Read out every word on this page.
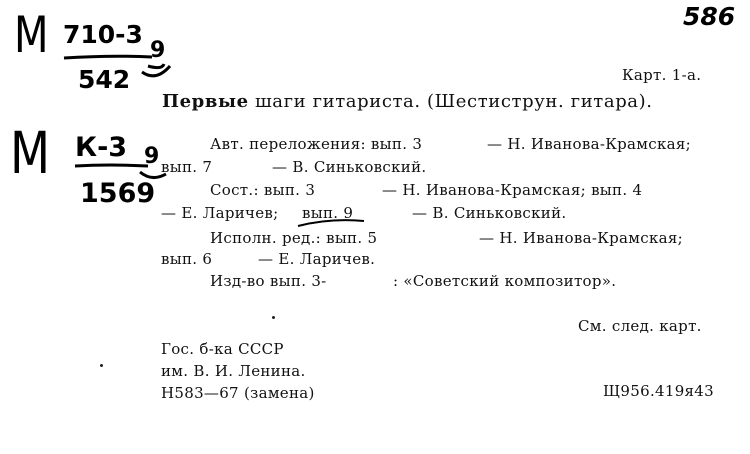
586
М 710-3
542
9
М К-3
1569
9
Карт. 1-а.
Первые шаги гитариста. (Шестиструн. гитара).
Авт. переложения: вып. 3	— Н. Иванова-Крамская;
вып. 7	— В. Синьковский.
Сост.: вып. 3	— Н. Иванова-Крамская; вып. 4
— Е. Ларичев; вып. 9	— В. Синьковский.
Исполн. ред.: вып. 5	— Н. Иванова-Крамская;
вып. 6	— Е. Ларичев.
Изд-во вып. 3-	: «Советский композитор».
См. след. карт.
Гос. б-ка СССР
им. В. И. Ленина.
Н583—67 (замена)	Щ956.419я43
